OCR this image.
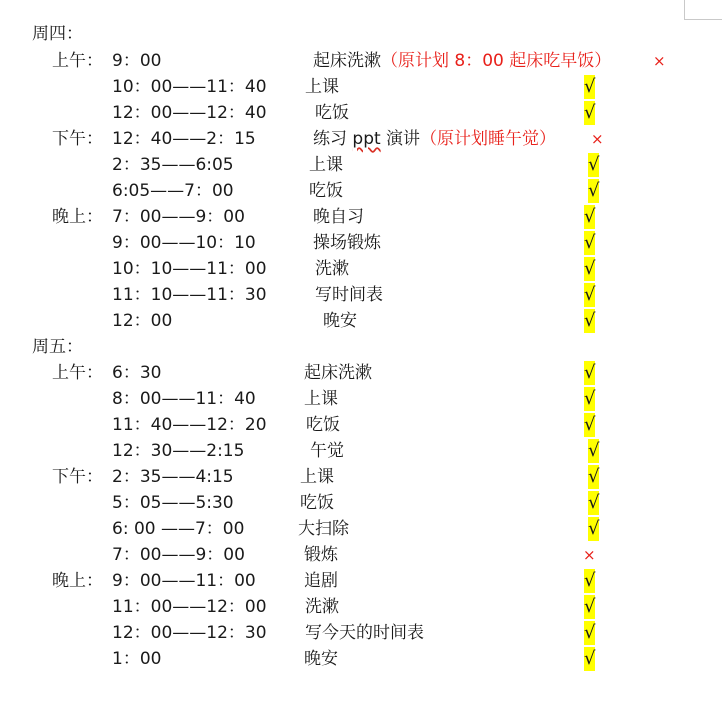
周四：
上午： 9：00	起床洗漱（原计划 8：00 起床吃早饭）	×
10：00——11：40 上课	√
12：00——12：40	吃饭	√
下午： 12：40——2：15	练习 ppt 演讲（原计划睡午觉） ×
2：35——6:05	上课	√
6:05——7：00	吃饭	√
晚上： 7：00——9：00	晚自习	√
9：00——10：10	操场锻炼	√
10：10——11：00	洗漱	√
11：10——11：30	写时间表	√
12：00	晚安	√
周五：
上午： 6：30	起床洗漱	√
8：00——11：40	上课	√
11：40——12：20 吃饭	√
12：30——2:15	午觉	√
下午： 2：35——4:15	上课	√
5：05——5:30	吃饭	√
6: 00 ——7：00	大扫除	√
7：00——9：00	锻炼	×
晚上： 9：00——11：00	追剧	√
11：00——12：00 洗漱	√
12：00——12：30 写今天的时间表	√
1：00	晚安	√
